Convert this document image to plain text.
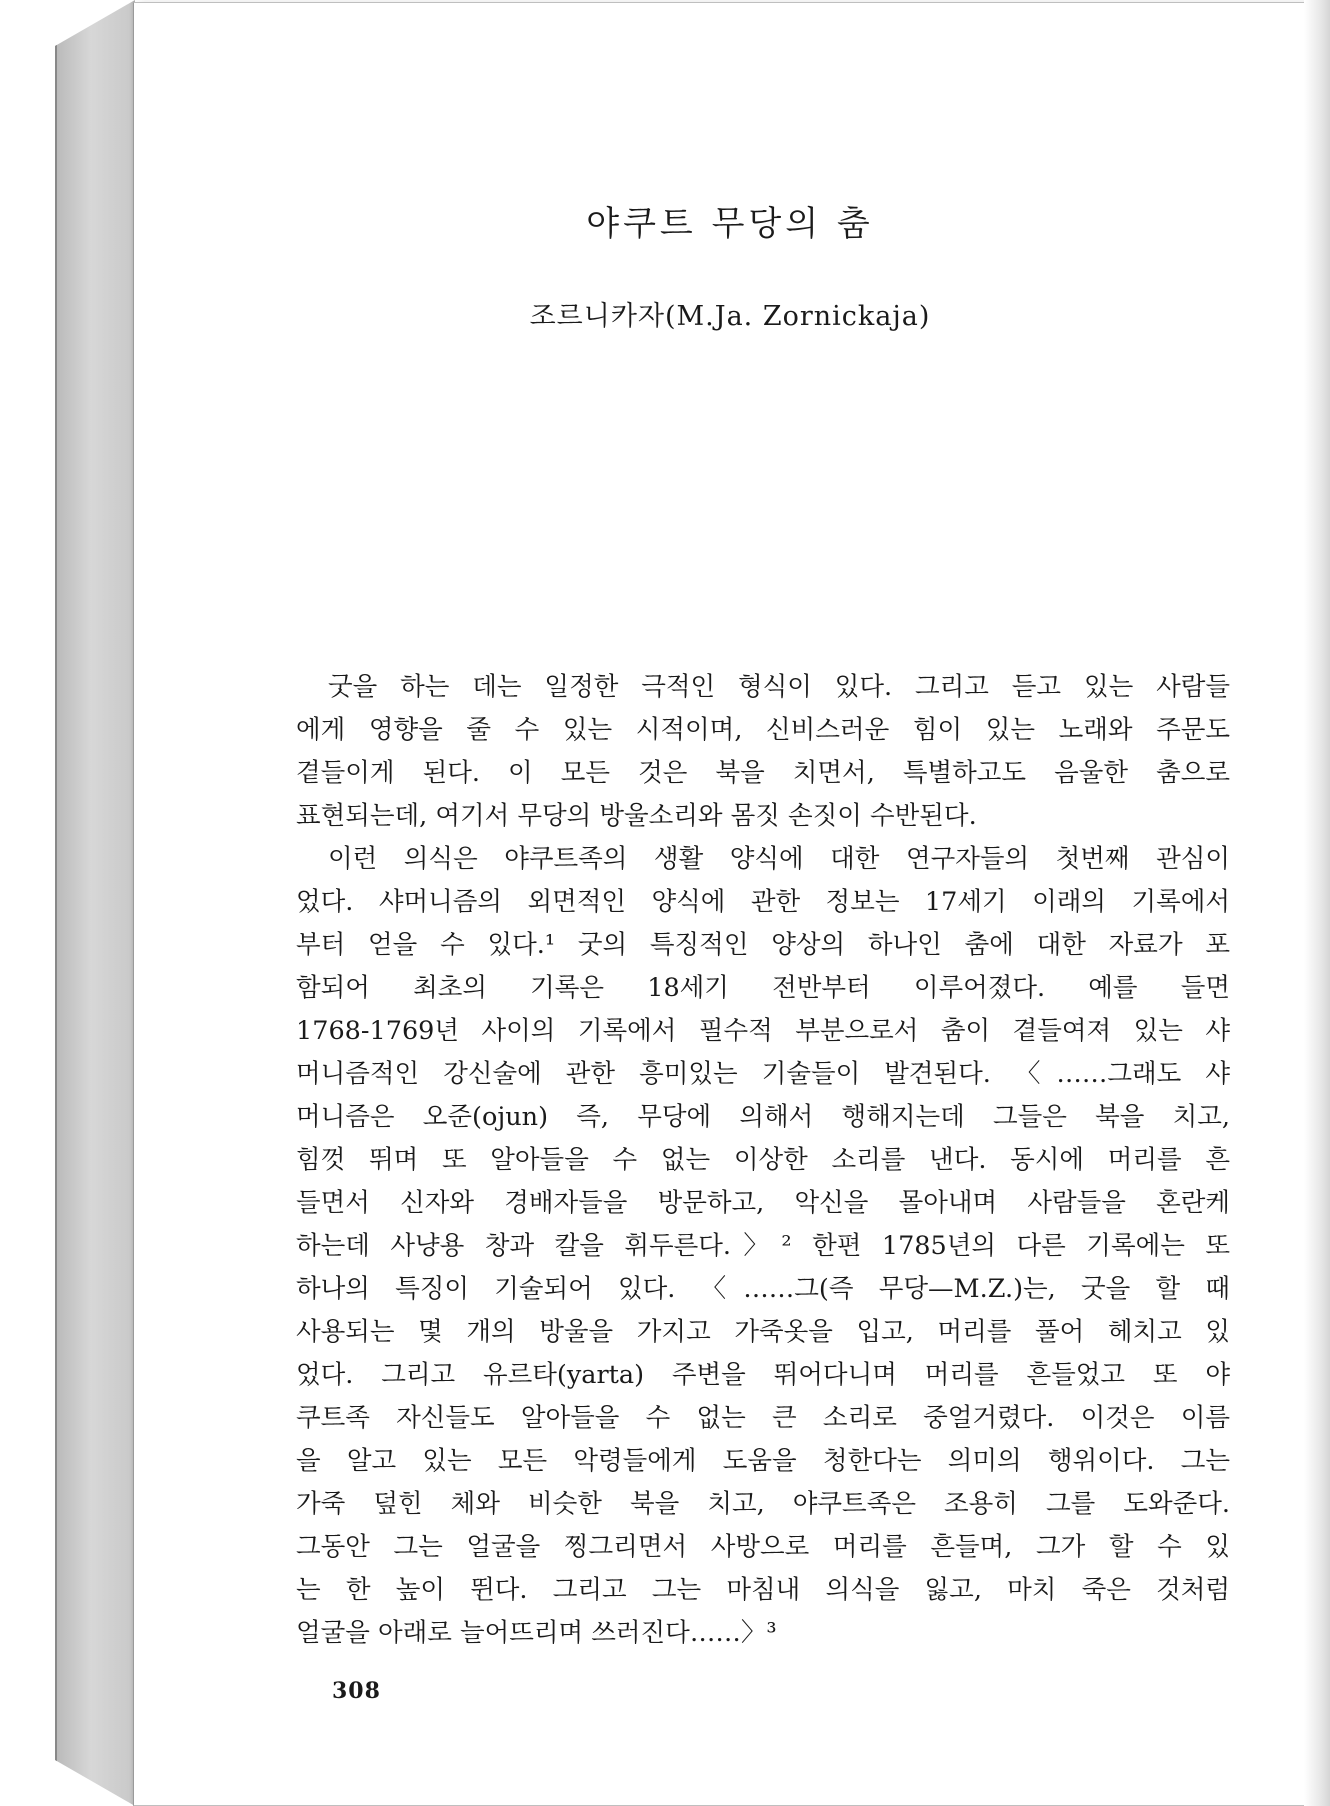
야쿠트 무당의 춤
조르니카자(M.Ja. Zornickaja)
굿을 하는 데는 일정한 극적인 형식이 있다. 그리고 듣고 있는 사람들
에게 영향을 줄 수 있는 시적이며, 신비스러운 힘이 있는 노래와 주문도
곁들이게 된다. 이 모든 것은 북을 치면서, 특별하고도 음울한 춤으로
표현되는데, 여기서 무당의 방울소리와 몸짓 손짓이 수반된다.
이런 의식은 야쿠트족의 생활 양식에 대한 연구자들의 첫번째 관심이
었다. 샤머니즘의 외면적인 양식에 관한 정보는 17세기 이래의 기록에서
부터 얻을 수 있다.¹ 굿의 특징적인 양상의 하나인 춤에 대한 자료가 포
함되어 최초의 기록은 18세기 전반부터 이루어졌다. 예를 들면
1768-1769년 사이의 기록에서 필수적 부분으로서 춤이 곁들여져 있는 샤
머니즘적인 강신술에 관한 흥미있는 기술들이 발견된다. 〈……그래도 샤
머니즘은 오준(ojun) 즉, 무당에 의해서 행해지는데 그들은 북을 치고,
힘껏 뛰며 또 알아들을 수 없는 이상한 소리를 낸다. 동시에 머리를 흔
들면서 신자와 경배자들을 방문하고, 악신을 몰아내며 사람들을 혼란케
하는데 사냥용 창과 칼을 휘두른다.〉² 한편 1785년의 다른 기록에는 또
하나의 특징이 기술되어 있다. 〈……그(즉 무당—M.Z.)는, 굿을 할 때
사용되는 몇 개의 방울을 가지고 가죽옷을 입고, 머리를 풀어 헤치고 있
었다. 그리고 유르타(yarta) 주변을 뛰어다니며 머리를 흔들었고 또 야
쿠트족 자신들도 알아들을 수 없는 큰 소리로 중얼거렸다. 이것은 이름
을 알고 있는 모든 악령들에게 도움을 청한다는 의미의 행위이다. 그는
가죽 덮힌 체와 비슷한 북을 치고, 야쿠트족은 조용히 그를 도와준다.
그동안 그는 얼굴을 찡그리면서 사방으로 머리를 흔들며, 그가 할 수 있
는 한 높이 뛴다. 그리고 그는 마침내 의식을 잃고, 마치 죽은 것처럼
얼굴을 아래로 늘어뜨리며 쓰러진다……〉³
308
